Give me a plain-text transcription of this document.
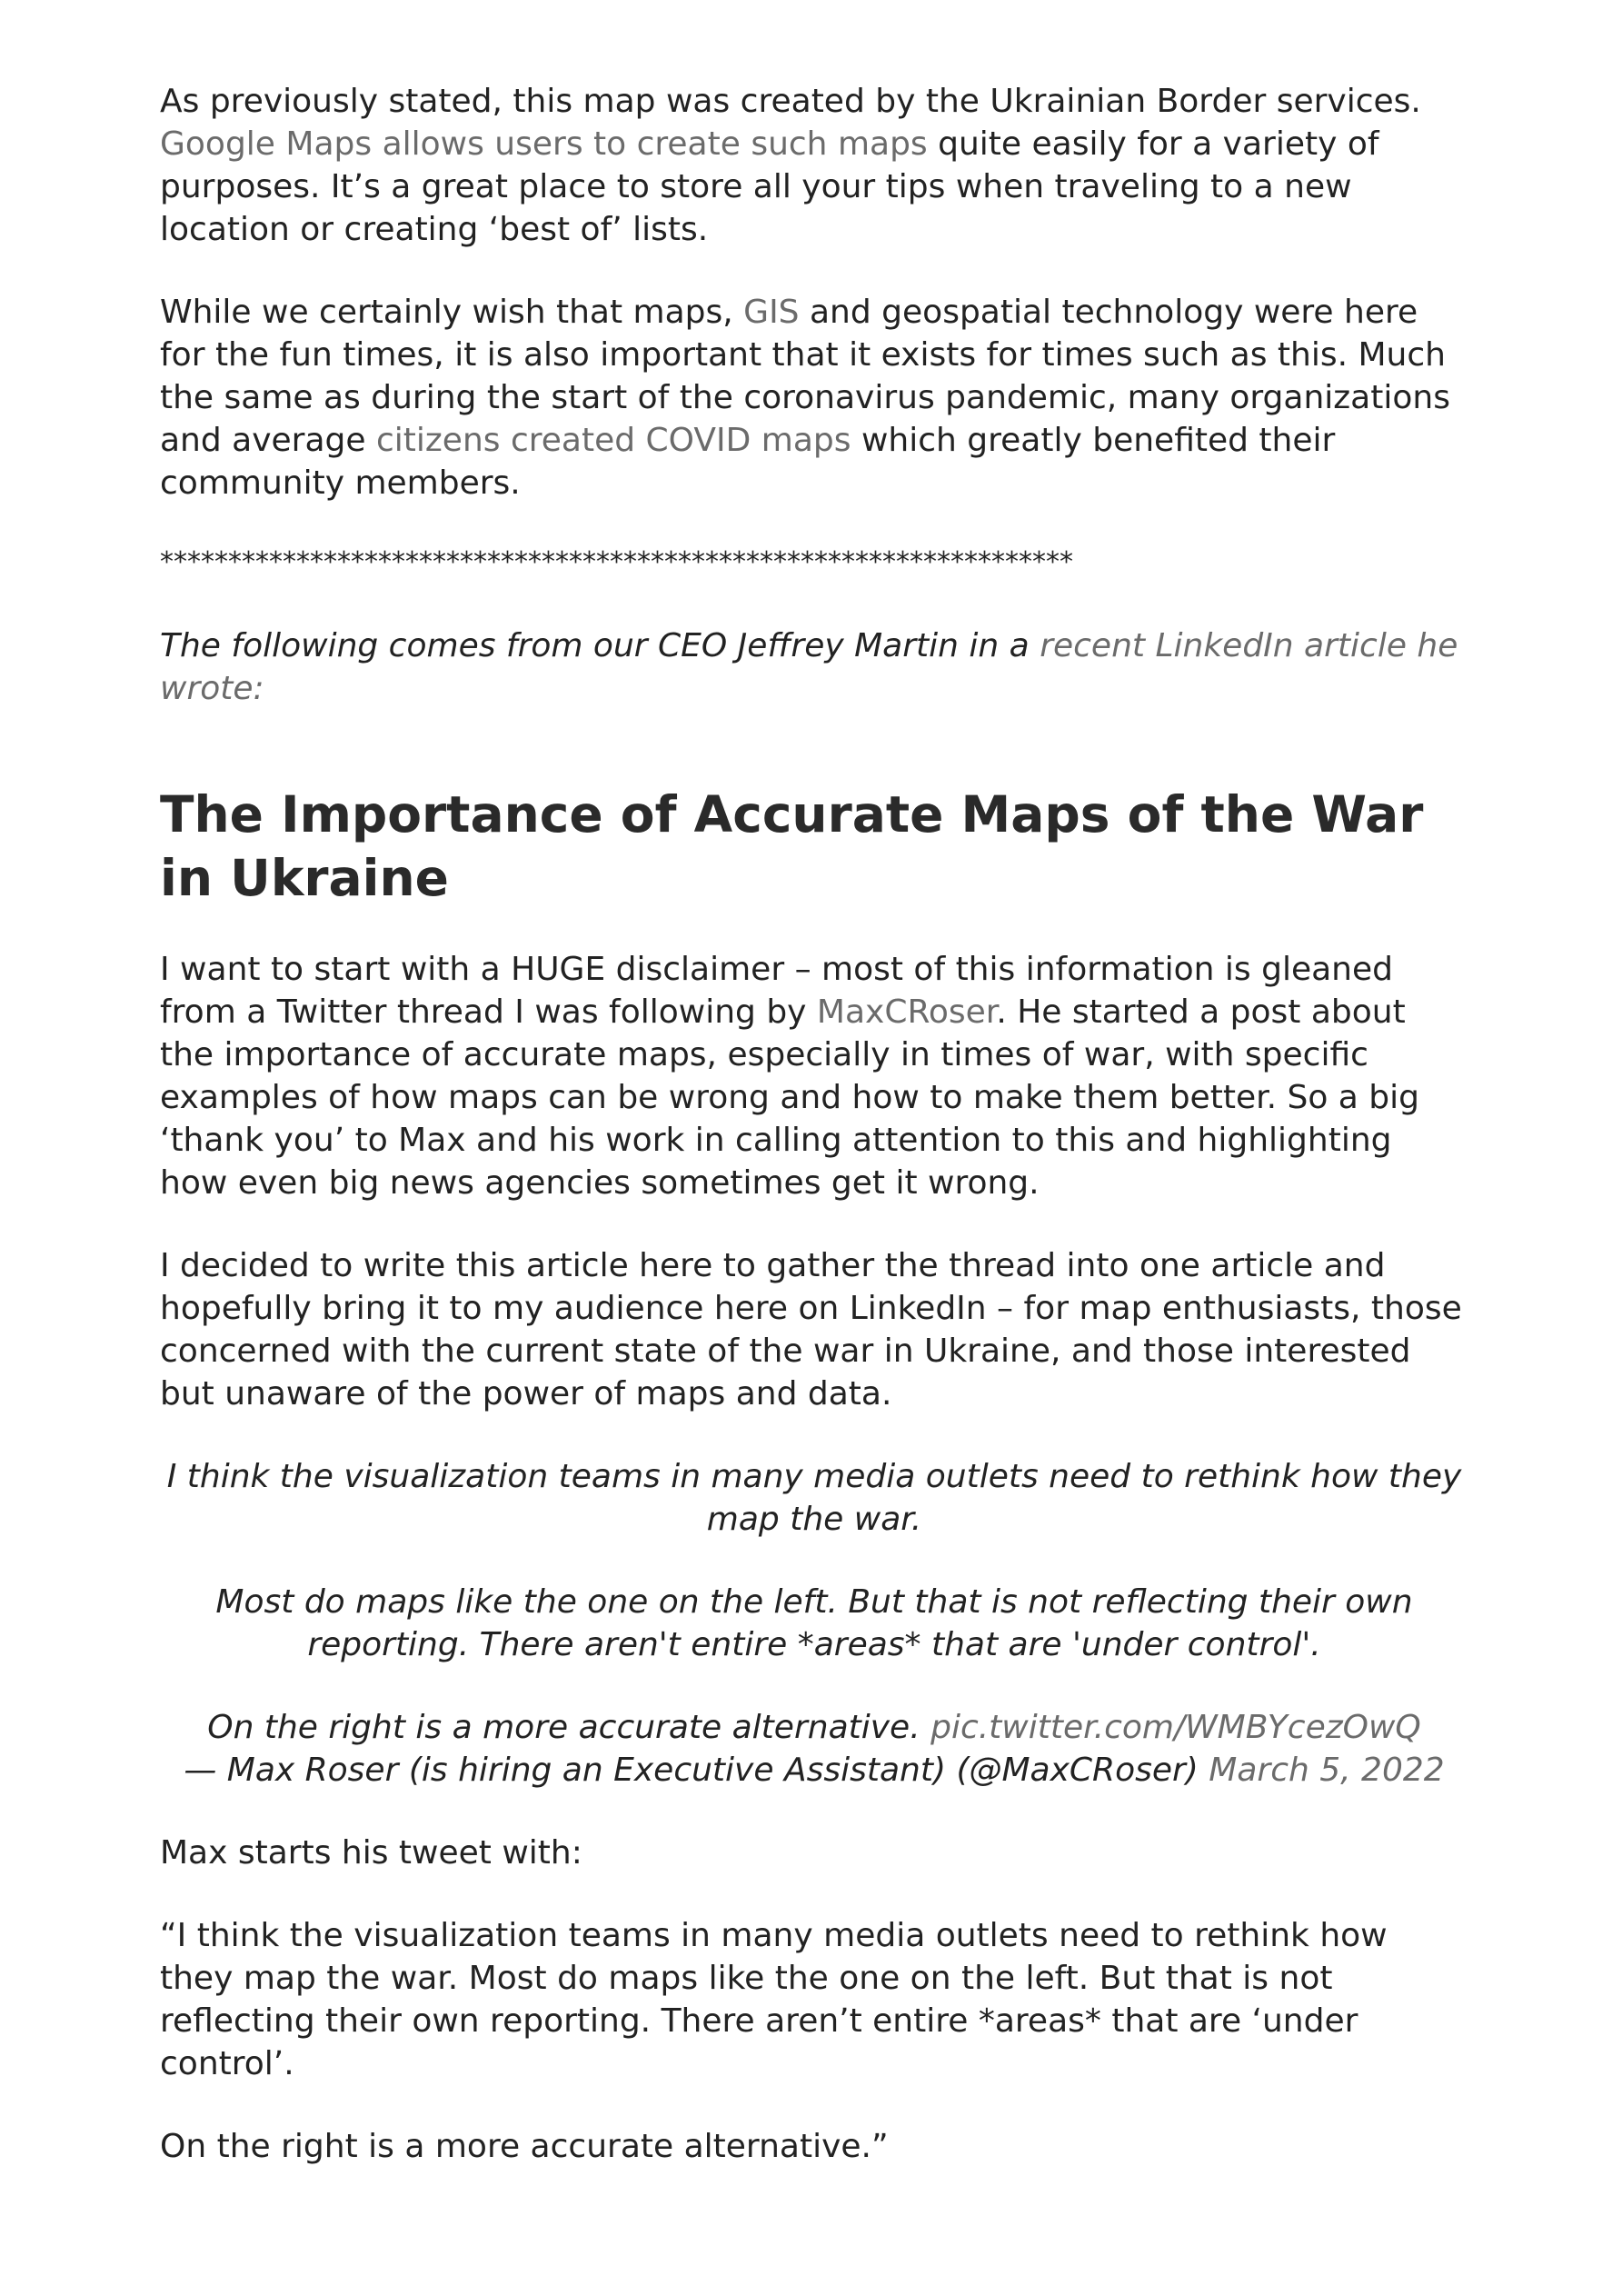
As previously stated, this map was created by the Ukrainian Border services. Google Maps allows users to create such maps quite easily for a variety of purposes. It’s a great place to store all your tips when traveling to a new location or creating ‘best of’ lists.

While we certainly wish that maps, GIS and geospatial technology were here for the fun times, it is also important that it exists for times such as this. Much the same as during the start of the coronavirus pandemic, many organizations and average citizens created COVID maps which greatly benefited their community members.

*******************************************************************

The following comes from our CEO Jeffrey Martin in a recent LinkedIn article he wrote:

The Importance of Accurate Maps of the War in Ukraine

I want to start with a HUGE disclaimer – most of this information is gleaned from a Twitter thread I was following by MaxCRoser. He started a post about the importance of accurate maps, especially in times of war, with specific examples of how maps can be wrong and how to make them better. So a big ‘thank you’ to Max and his work in calling attention to this and highlighting how even big news agencies sometimes get it wrong.

I decided to write this article here to gather the thread into one article and hopefully bring it to my audience here on LinkedIn – for map enthusiasts, those concerned with the current state of the war in Ukraine, and those interested but unaware of the power of maps and data.

I think the visualization teams in many media outlets need to rethink how they map the war.

Most do maps like the one on the left. But that is not reflecting their own reporting. There aren't entire *areas* that are 'under control'.

On the right is a more accurate alternative. pic.twitter.com/WMBYcezOwQ
— Max Roser (is hiring an Executive Assistant) (@MaxCRoser) March 5, 2022

Max starts his tweet with:

“I think the visualization teams in many media outlets need to rethink how they map the war. Most do maps like the one on the left. But that is not reflecting their own reporting. There aren’t entire *areas* that are ‘under control’.

On the right is a more accurate alternative.”
